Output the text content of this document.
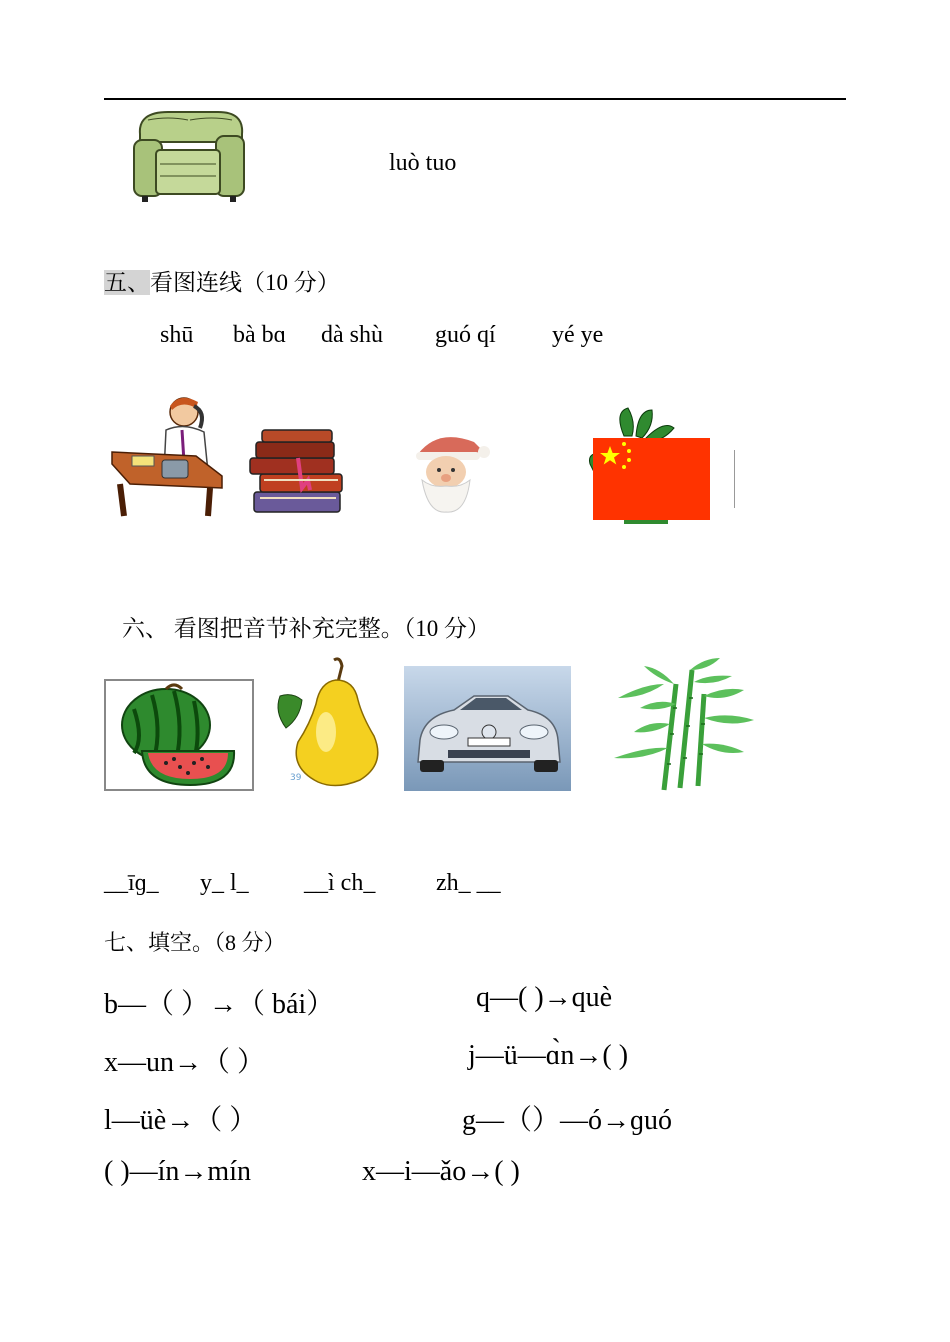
luò tuo
五、看图连线（10 分）
shū bà bɑ dà shù guó qí yé ye
六、 看图把音节补充完整。（10 分）
39
__īɡ_ y_ l_ __ì ch_	zh_ __
七、填空。（8 分）
b—（ ）→（ bái）	q—( )→què
x—un→（ ）	j—ü—ɑ̀n→( )
l—üè→（ ）	g—（）—ó→ɡuó
( )—ín→mín	x—i—ǎo→( )
